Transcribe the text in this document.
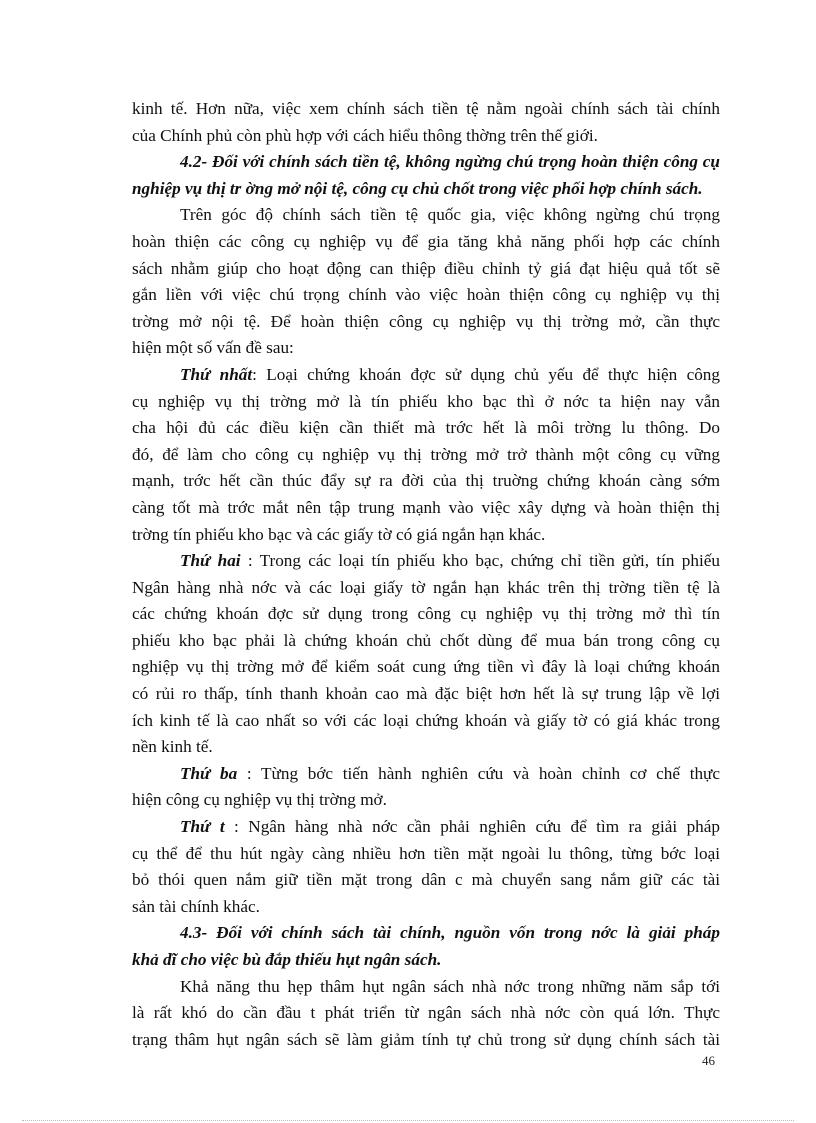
kinh tế. Hơn nữa, việc xem chính sách tiền tệ nằm ngoài chính sách tài chính
của Chính phủ còn phù hợp với cách hiểu thông thờng trên thế giới.
4.2- Đối với chính sách tiền tệ, không ngừng chú trọng hoàn thiện công cụ
nghiệp vụ thị tr ờng mở nội tệ, công cụ chủ chốt trong việc phối hợp chính sách.
Trên góc độ chính sách tiền tệ quốc gia, việc không ngừng chú trọng
hoàn thiện các công cụ nghiệp vụ để gia tăng khả năng phối hợp các chính
sách nhằm giúp cho hoạt động can thiệp điều chỉnh tỷ giá đạt hiệu quả tốt sẽ
gắn liền với việc chú trọng chính vào việc hoàn thiện công cụ nghiệp vụ thị
trờng mở nội tệ. Để hoàn thiện công cụ nghiệp vụ thị trờng mở, cần thực
hiện một số vấn đề sau:
Thứ nhất: Loại chứng khoán đợc sử dụng chủ yếu để thực hiện công
cụ nghiệp vụ thị trờng mở là tín phiếu kho bạc thì ở nớc ta hiện nay vẫn
cha hội đủ các điều kiện cần thiết mà trớc hết là môi trờng lu thông. Do
đó, để làm cho công cụ nghiệp vụ thị trờng mở trở thành một công cụ vững
mạnh, trớc hết cần thúc đẩy sự ra đời của thị truờng chứng khoán càng sớm
càng tốt mà trớc mắt nên tập trung mạnh vào việc xây dựng và hoàn thiện thị
trờng tín phiếu kho bạc và các giấy tờ có giá ngắn hạn khác.
Thứ hai : Trong các loại tín phiếu kho bạc, chứng chỉ tiền gửi, tín phiếu
Ngân hàng nhà nớc và các loại giấy tờ ngắn hạn khác trên thị trờng tiền tệ là
các chứng khoán đợc sử dụng trong công cụ nghiệp vụ thị trờng mở thì tín
phiếu kho bạc phải là chứng khoán chủ chốt dùng để mua bán trong công cụ
nghiệp vụ thị trờng mở để kiểm soát cung ứng tiền vì đây là loại chứng khoán
có rủi ro thấp, tính thanh khoản cao mà đặc biệt hơn hết là sự trung lập về lợi
ích kinh tế là cao nhất so với các loại chứng khoán và giấy tờ có giá khác trong
nền kinh tế.
Thứ ba : Từng bớc tiến hành nghiên cứu và hoàn chỉnh cơ chế thực
hiện công cụ nghiệp vụ thị trờng mở.
Thứ t : Ngân hàng nhà nớc cần phải nghiên cứu để tìm ra giải pháp
cụ thể để thu hút ngày càng nhiều hơn tiền mặt ngoài lu thông, từng bớc loại
bỏ thói quen nắm giữ tiền mặt trong dân c mà chuyển sang nắm giữ các tài
sản tài chính khác.
4.3- Đối với chính sách tài chính, nguồn vốn trong nớc là giải pháp
khả dĩ cho việc bù đắp thiếu hụt ngân sách.
Khả năng thu hẹp thâm hụt ngân sách nhà nớc trong những năm sắp tới
là rất khó do cần đầu t phát triển từ ngân sách nhà nớc còn quá lớn. Thực
trạng thâm hụt ngân sách sẽ làm giảm tính tự chủ trong sử dụng chính sách tài
46
